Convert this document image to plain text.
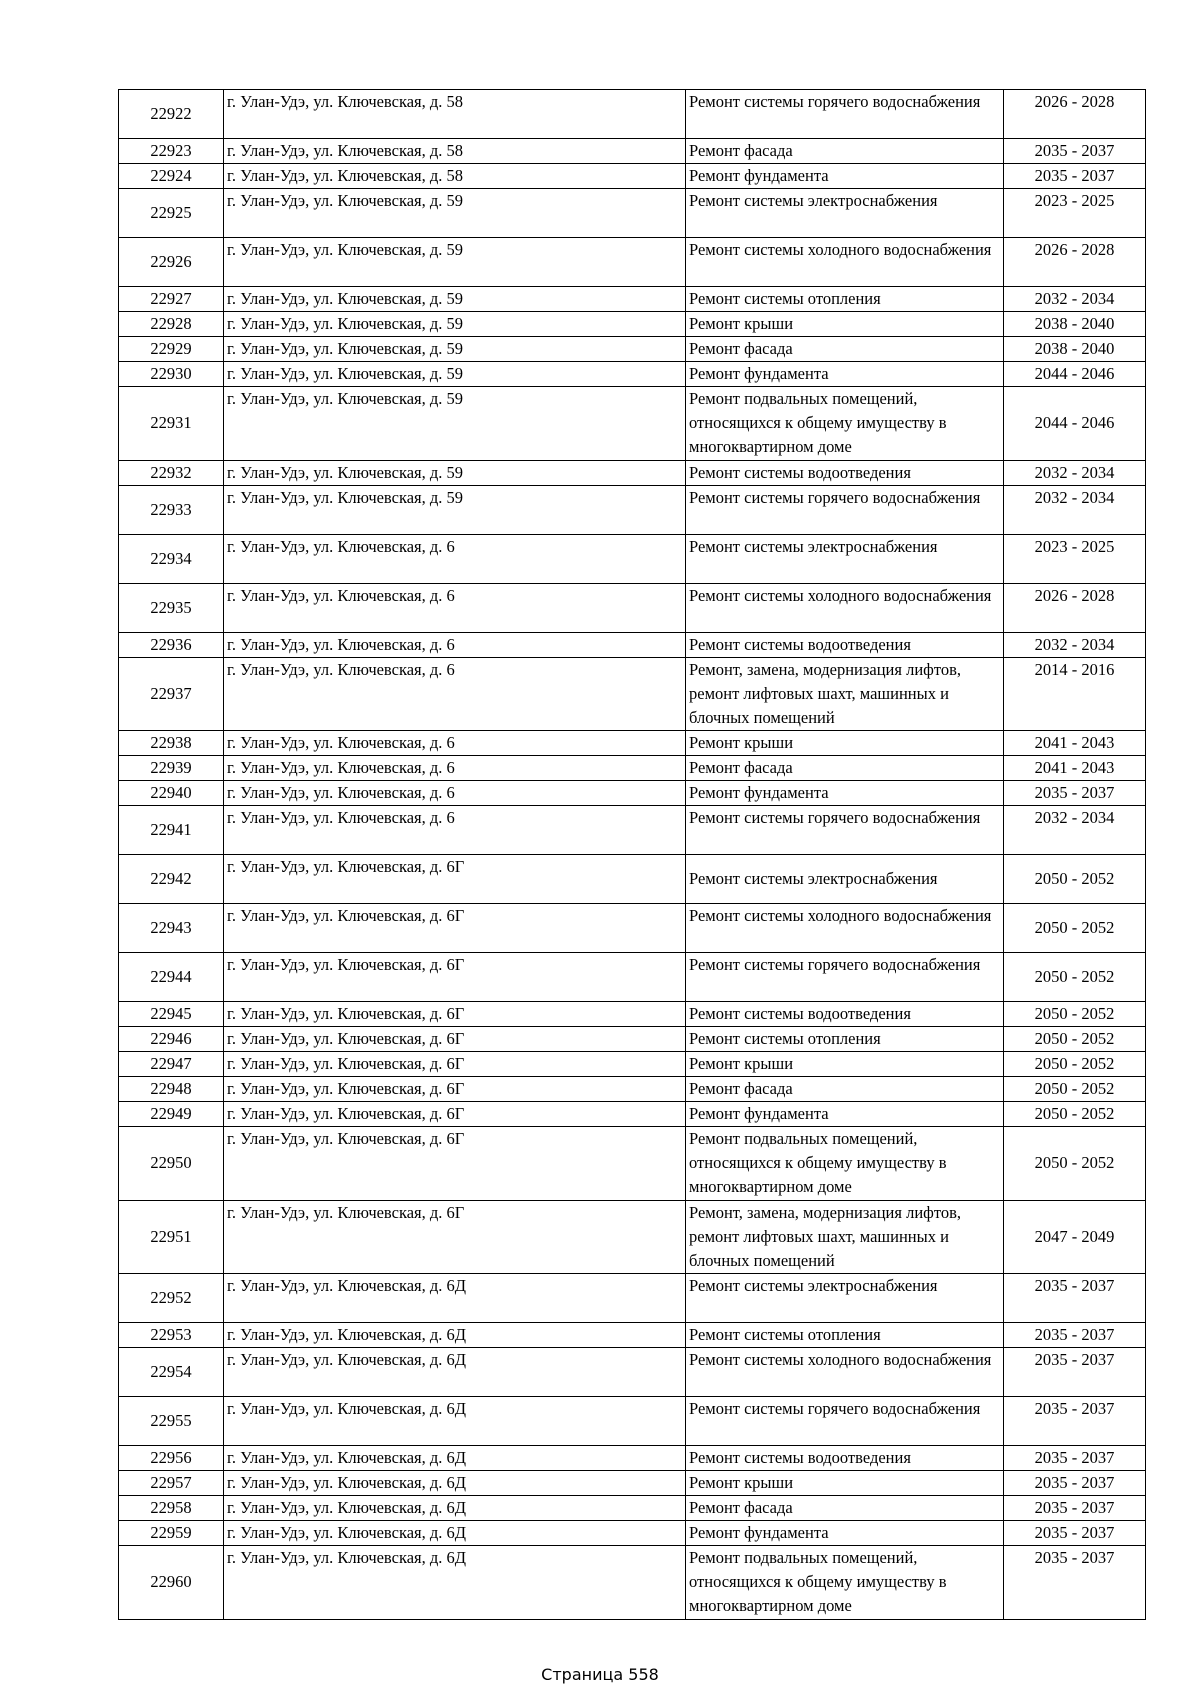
22922	г. Улан-Удэ, ул. Ключевская, д. 58	Ремонт системы горячего водоснабжения	2026 - 2028
22923	г. Улан-Удэ, ул. Ключевская, д. 58	Ремонт фасада	2035 - 2037
22924	г. Улан-Удэ, ул. Ключевская, д. 58	Ремонт фундамента	2035 - 2037
22925	г. Улан-Удэ, ул. Ключевская, д. 59	Ремонт системы электроснабжения	2023 - 2025
22926	г. Улан-Удэ, ул. Ключевская, д. 59	Ремонт системы холодного водоснабжения	2026 - 2028
22927	г. Улан-Удэ, ул. Ключевская, д. 59	Ремонт системы отопления	2032 - 2034
22928	г. Улан-Удэ, ул. Ключевская, д. 59	Ремонт крыши	2038 - 2040
22929	г. Улан-Удэ, ул. Ключевская, д. 59	Ремонт фасада	2038 - 2040
22930	г. Улан-Удэ, ул. Ключевская, д. 59	Ремонт фундамента	2044 - 2046
22931	г. Улан-Удэ, ул. Ключевская, д. 59	Ремонт подвальных помещений, относящихся к общему имуществу в многоквартирном доме	2044 - 2046
22932	г. Улан-Удэ, ул. Ключевская, д. 59	Ремонт системы водоотведения	2032 - 2034
22933	г. Улан-Удэ, ул. Ключевская, д. 59	Ремонт системы горячего водоснабжения	2032 - 2034
22934	г. Улан-Удэ, ул. Ключевская, д. 6	Ремонт системы электроснабжения	2023 - 2025
22935	г. Улан-Удэ, ул. Ключевская, д. 6	Ремонт системы холодного водоснабжения	2026 - 2028
22936	г. Улан-Удэ, ул. Ключевская, д. 6	Ремонт системы водоотведения	2032 - 2034
22937	г. Улан-Удэ, ул. Ключевская, д. 6	Ремонт, замена, модернизация лифтов, ремонт лифтовых шахт, машинных и блочных помещений	2014 - 2016
22938	г. Улан-Удэ, ул. Ключевская, д. 6	Ремонт крыши	2041 - 2043
22939	г. Улан-Удэ, ул. Ключевская, д. 6	Ремонт фасада	2041 - 2043
22940	г. Улан-Удэ, ул. Ключевская, д. 6	Ремонт фундамента	2035 - 2037
22941	г. Улан-Удэ, ул. Ключевская, д. 6	Ремонт системы горячего водоснабжения	2032 - 2034
22942	г. Улан-Удэ, ул. Ключевская, д. 6Г	Ремонт системы электроснабжения	2050 - 2052
22943	г. Улан-Удэ, ул. Ключевская, д. 6Г	Ремонт системы холодного водоснабжения	2050 - 2052
22944	г. Улан-Удэ, ул. Ключевская, д. 6Г	Ремонт системы горячего водоснабжения	2050 - 2052
22945	г. Улан-Удэ, ул. Ключевская, д. 6Г	Ремонт системы водоотведения	2050 - 2052
22946	г. Улан-Удэ, ул. Ключевская, д. 6Г	Ремонт системы отопления	2050 - 2052
22947	г. Улан-Удэ, ул. Ключевская, д. 6Г	Ремонт крыши	2050 - 2052
22948	г. Улан-Удэ, ул. Ключевская, д. 6Г	Ремонт фасада	2050 - 2052
22949	г. Улан-Удэ, ул. Ключевская, д. 6Г	Ремонт фундамента	2050 - 2052
22950	г. Улан-Удэ, ул. Ключевская, д. 6Г	Ремонт подвальных помещений, относящихся к общему имуществу в многоквартирном доме	2050 - 2052
22951	г. Улан-Удэ, ул. Ключевская, д. 6Г	Ремонт, замена, модернизация лифтов, ремонт лифтовых шахт, машинных и блочных помещений	2047 - 2049
22952	г. Улан-Удэ, ул. Ключевская, д. 6Д	Ремонт системы электроснабжения	2035 - 2037
22953	г. Улан-Удэ, ул. Ключевская, д. 6Д	Ремонт системы отопления	2035 - 2037
22954	г. Улан-Удэ, ул. Ключевская, д. 6Д	Ремонт системы холодного водоснабжения	2035 - 2037
22955	г. Улан-Удэ, ул. Ключевская, д. 6Д	Ремонт системы горячего водоснабжения	2035 - 2037
22956	г. Улан-Удэ, ул. Ключевская, д. 6Д	Ремонт системы водоотведения	2035 - 2037
22957	г. Улан-Удэ, ул. Ключевская, д. 6Д	Ремонт крыши	2035 - 2037
22958	г. Улан-Удэ, ул. Ключевская, д. 6Д	Ремонт фасада	2035 - 2037
22959	г. Улан-Удэ, ул. Ключевская, д. 6Д	Ремонт фундамента	2035 - 2037
22960	г. Улан-Удэ, ул. Ключевская, д. 6Д	Ремонт подвальных помещений, относящихся к общему имуществу в многоквартирном доме	2035 - 2037
Страница 558
